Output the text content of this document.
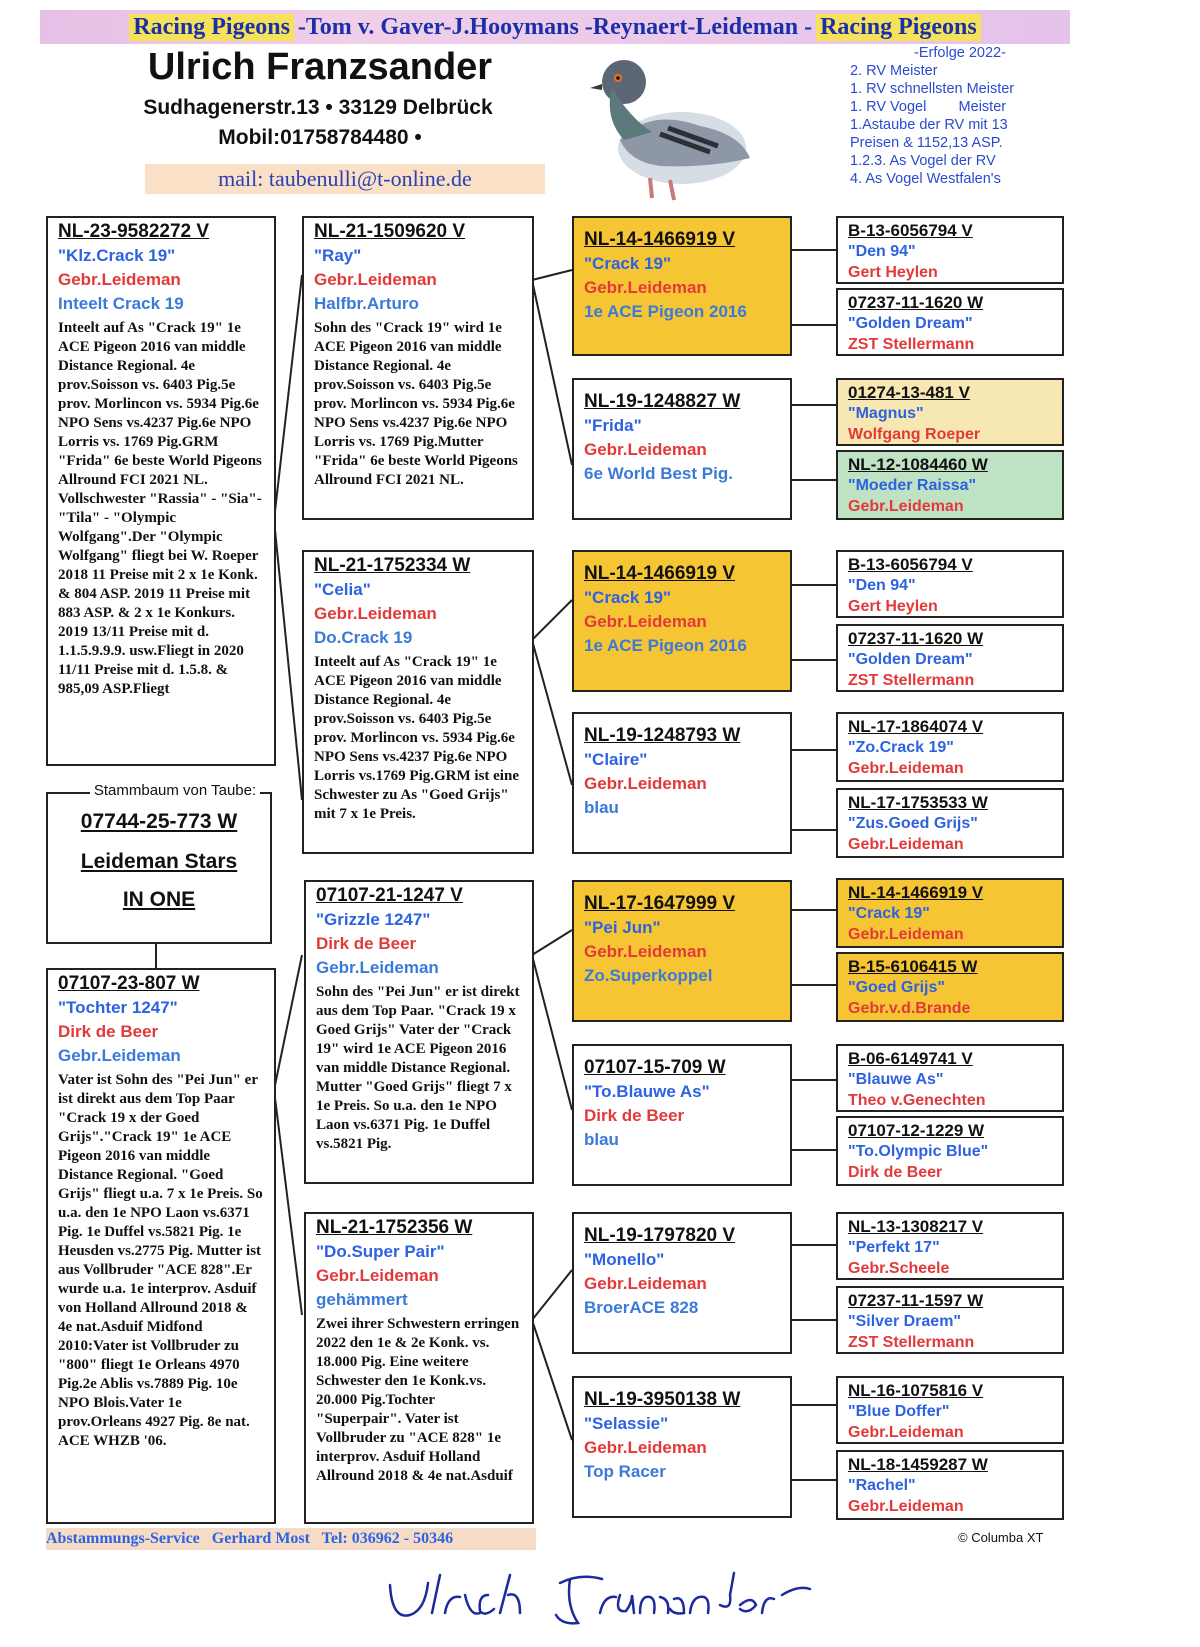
Racing Pigeons -Tom v. Gaver-J.Hooymans -Reynaert-Leideman - Racing Pigeons
Ulrich Franzsander
Sudhagenerstr.13 • 33129 Delbrück
Mobil:01758784480 •
mail: taubenulli@t-online.de
-Erfolge 2022-
2. RV Meister
1. RV schnellsten Meister
1. RV Vogel        Meister
1.Astaube der RV mit 13
Preisen & 1152,13 ASP.
1.2.3. As Vogel der RV
4. As Vogel Westfalen's
NL-23-9582272 V
"Klz.Crack 19"
Gebr.Leideman
Inteelt Crack 19
Inteelt auf As "Crack 19" 1e ACE Pigeon 2016 van middle Distance Regional. 4e prov.Soisson vs. 6403 Pig.5e prov. Morlincon vs. 5934 Pig.6e NPO Sens vs.4237 Pig.6e NPO Lorris vs. 1769 Pig.GRM "Frida" 6e beste World Pigeons Allround FCI 2021 NL. Vollschwester "Rassia" - "Sia"- "Tila" - "Olympic Wolfgang".Der "Olympic Wolfgang" fliegt bei W. Roeper 2018 11 Preise mit 2 x 1e Konk. & 804 ASP. 2019 11 Preise mit 883 ASP. & 2 x 1e Konkurs. 2019 13/11 Preise mit d. 1.1.5.9.9.9. usw.Fliegt in 2020 11/11 Preise mit d. 1.5.8. & 985,09 ASP.Fliegt
Stammbaum von Taube:
07744-25-773 W
Leideman Stars
IN ONE
07107-23-807 W
"Tochter 1247"
Dirk de Beer
Gebr.Leideman
Vater ist Sohn des "Pei Jun" er ist direkt aus dem Top Paar "Crack 19 x der Goed Grijs"."Crack 19" 1e ACE Pigeon 2016 van middle Distance Regional. "Goed Grijs" fliegt u.a. 7 x 1e Preis. So u.a. den 1e NPO Laon vs.6371 Pig. 1e Duffel vs.5821 Pig. 1e Heusden vs.2775 Pig. Mutter ist aus Vollbruder "ACE 828".Er wurde u.a. 1e interprov. Asduif von Holland Allround 2018 & 4e nat.Asduif Midfond 2010:Vater ist Vollbruder zu "800" fliegt 1e Orleans 4970 Pig.2e Ablis vs.7889 Pig. 10e NPO Blois.Vater 1e prov.Orleans 4927 Pig. 8e nat. ACE WHZB '06.
NL-21-1509620 V
"Ray"
Gebr.Leideman
Halfbr.Arturo
Sohn des "Crack 19" wird 1e ACE Pigeon 2016 van middle Distance Regional. 4e prov.Soisson vs. 6403 Pig.5e prov. Morlincon vs. 5934 Pig.6e NPO Sens vs.4237 Pig.6e NPO Lorris vs. 1769 Pig.Mutter "Frida" 6e beste World Pigeons Allround FCI 2021 NL.
NL-21-1752334 W
"Celia"
Gebr.Leideman
Do.Crack 19
Inteelt auf As "Crack 19" 1e ACE Pigeon 2016 van middle Distance Regional. 4e prov.Soisson vs. 6403 Pig.5e prov. Morlincon vs. 5934 Pig.6e NPO Sens vs.4237 Pig.6e NPO Lorris vs.1769 Pig.GRM ist eine Schwester zu As "Goed Grijs" mit 7 x 1e Preis.
07107-21-1247 V
"Grizzle 1247"
Dirk de Beer
Gebr.Leideman
Sohn des "Pei Jun" er ist direkt aus dem Top Paar. "Crack 19 x Goed Grijs" Vater der "Crack 19" wird 1e ACE Pigeon 2016 van middle Distance Regional. Mutter "Goed Grijs" fliegt 7 x 1e Preis. So u.a. den 1e NPO Laon vs.6371 Pig. 1e Duffel vs.5821 Pig.
NL-21-1752356 W
"Do.Super Pair"
Gebr.Leideman
gehämmert
Zwei ihrer Schwestern erringen 2022 den 1e & 2e Konk. vs. 18.000 Pig. Eine weitere Schwester den 1e Konk.vs. 20.000 Pig.Tochter "Superpair". Vater ist Vollbruder zu "ACE 828" 1e interprov. Asduif Holland Allround 2018 & 4e nat.Asduif
NL-14-1466919 V
"Crack 19"
Gebr.Leideman
1e ACE Pigeon 2016
NL-19-1248827 W
"Frida"
Gebr.Leideman
6e World Best Pig.
NL-14-1466919 V
"Crack 19"
Gebr.Leideman
1e ACE Pigeon 2016
NL-19-1248793 W
"Claire"
Gebr.Leideman
blau
NL-17-1647999 V
"Pei Jun"
Gebr.Leideman
Zo.Superkoppel
07107-15-709 W
"To.Blauwe As"
Dirk de Beer
blau
NL-19-1797820 V
"Monello"
Gebr.Leideman
BroerACE 828
NL-19-3950138 W
"Selassie"
Gebr.Leideman
Top Racer
B-13-6056794 V
"Den 94"
Gert Heylen
07237-11-1620 W
"Golden Dream"
ZST Stellermann
01274-13-481 V
"Magnus"
Wolfgang Roeper
NL-12-1084460 W
"Moeder Raissa"
Gebr.Leideman
B-13-6056794 V
"Den 94"
Gert Heylen
07237-11-1620 W
"Golden Dream"
ZST Stellermann
NL-17-1864074 V
"Zo.Crack 19"
Gebr.Leideman
NL-17-1753533 W
"Zus.Goed Grijs"
Gebr.Leideman
NL-14-1466919 V
"Crack 19"
Gebr.Leideman
B-15-6106415 W
"Goed Grijs"
Gebr.v.d.Brande
B-06-6149741 V
"Blauwe As"
Theo v.Genechten
07107-12-1229 W
"To.Olympic Blue"
Dirk de Beer
NL-13-1308217 V
"Perfekt 17"
Gebr.Scheele
07237-11-1597 W
"Silver Draem"
ZST Stellermann
NL-16-1075816 V
"Blue Doffer"
Gebr.Leideman
NL-18-1459287 W
"Rachel"
Gebr.Leideman
Abstammungs-Service   Gerhard Most   Tel: 036962 - 50346	© Columba XT
